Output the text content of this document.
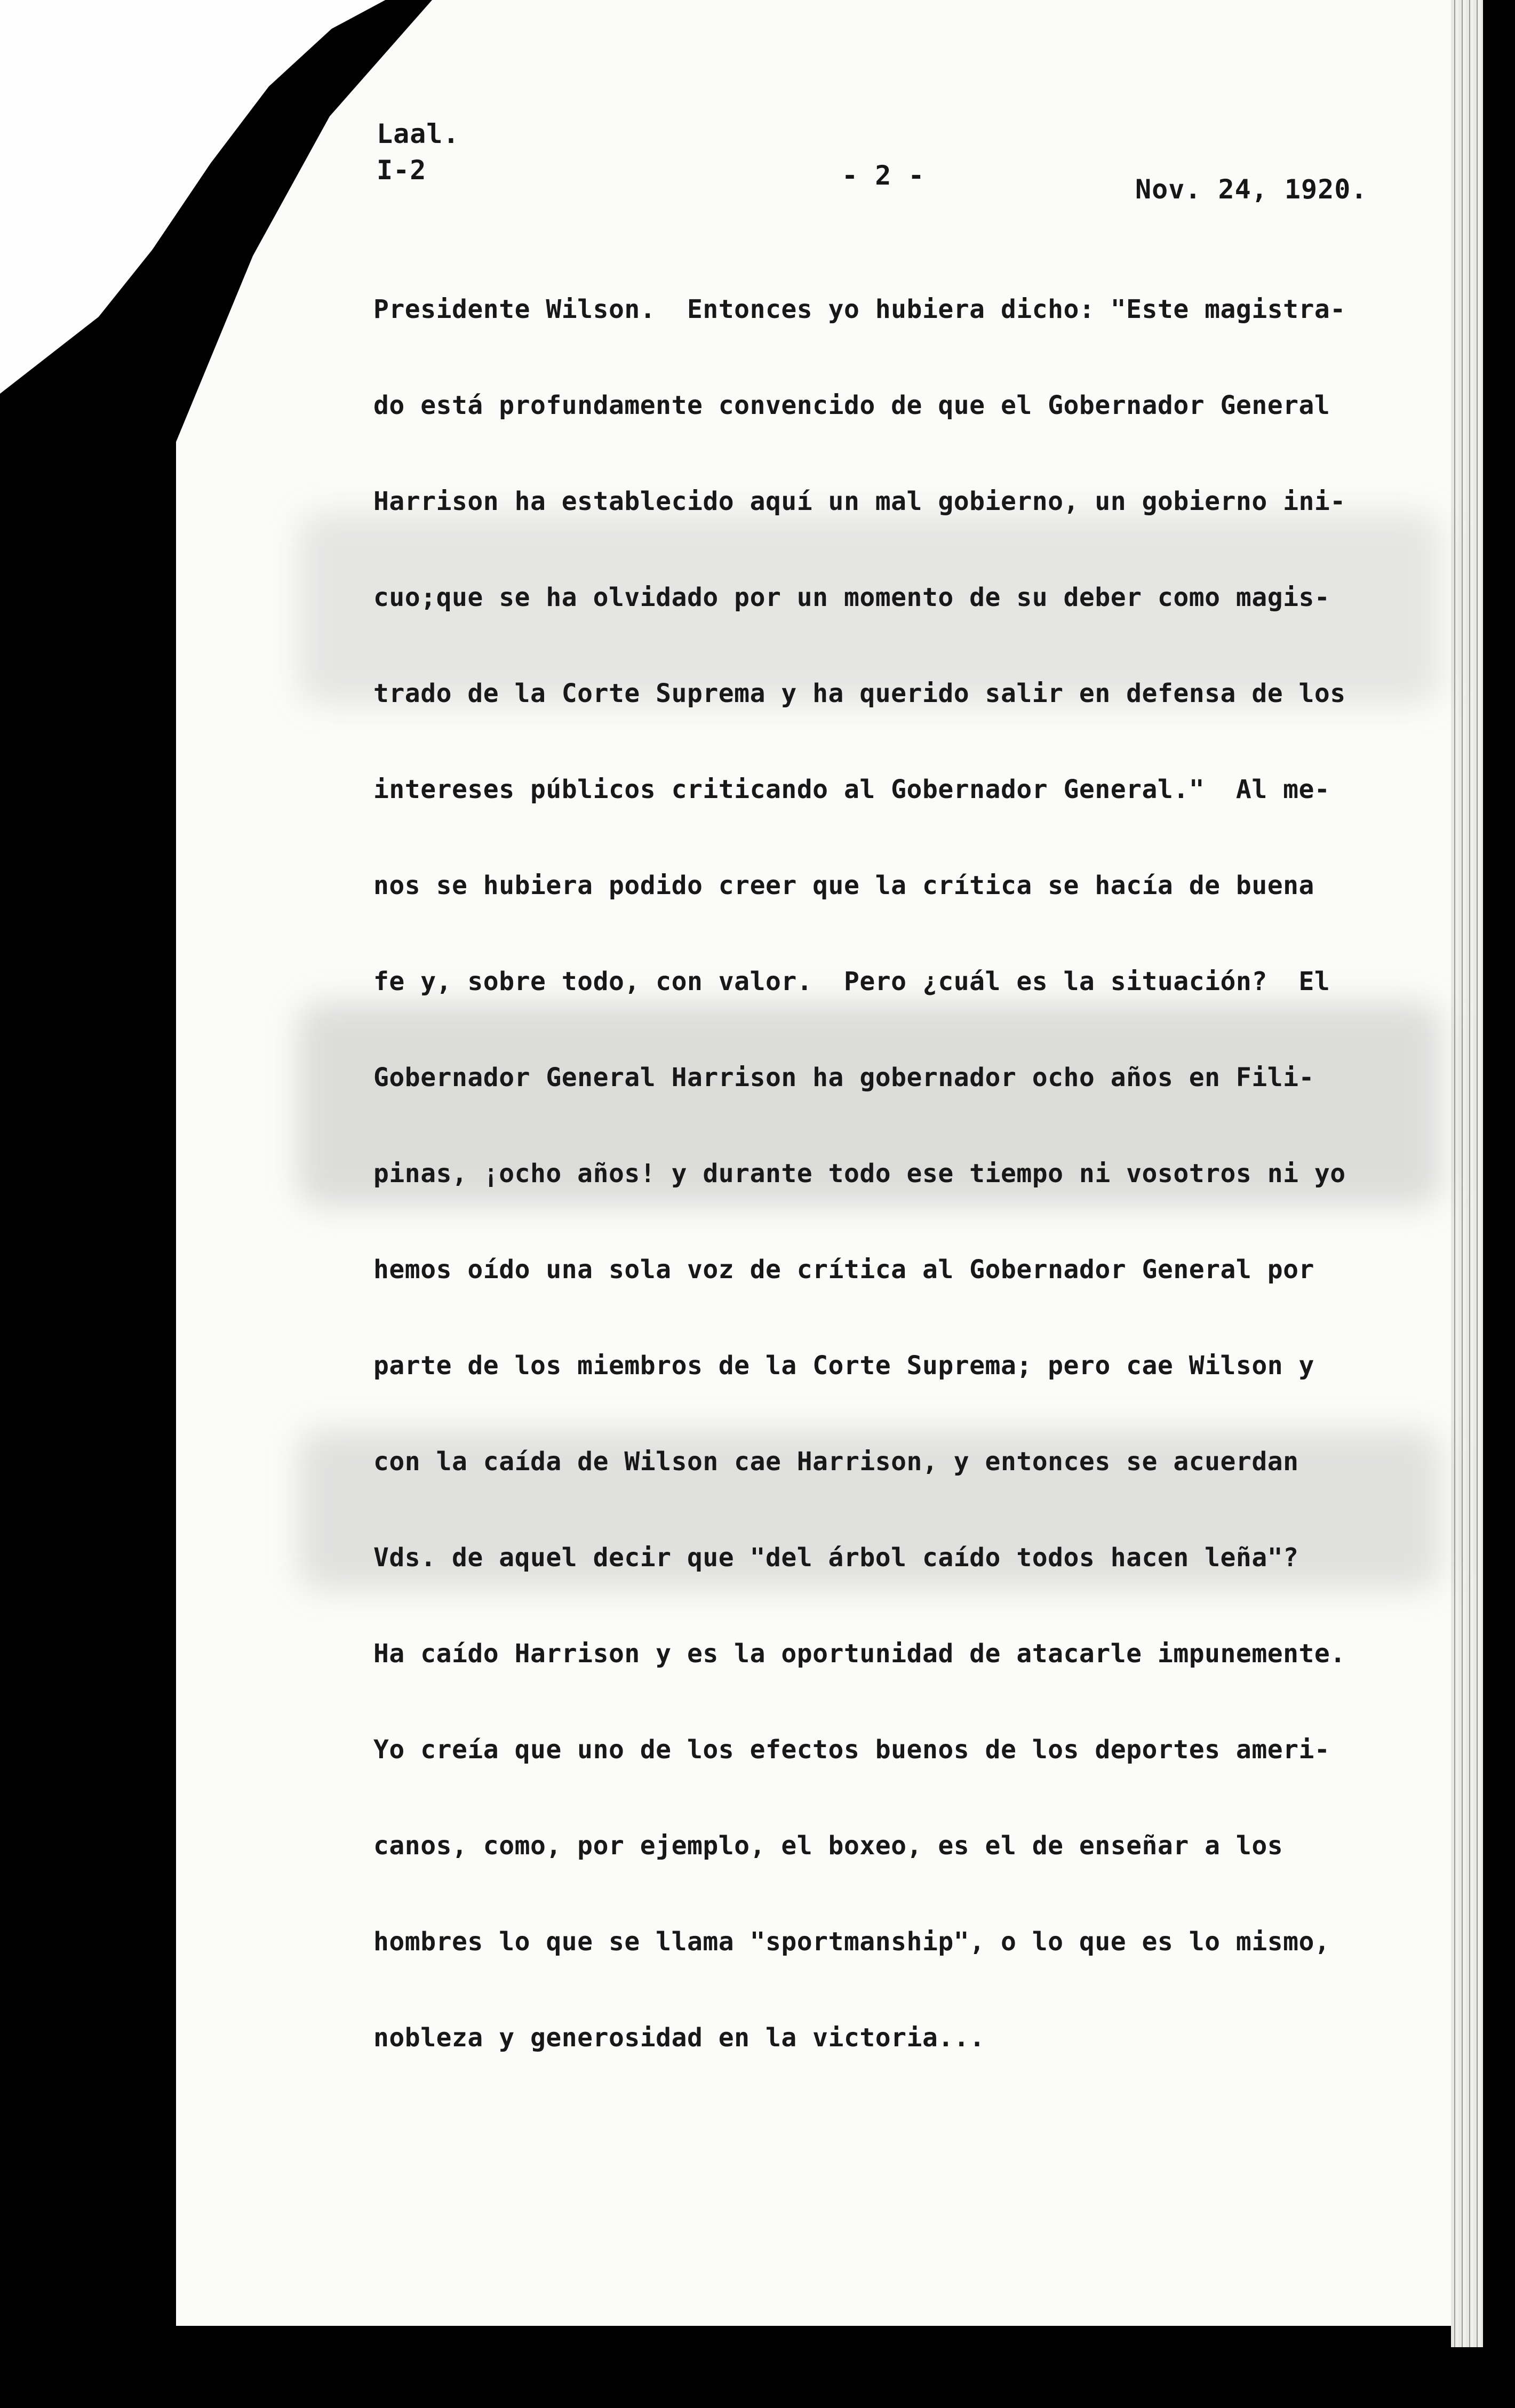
Laal.
I-2	- 2 -	Nov. 24, 1920.
Presidente Wilson.  Entonces yo hubiera dicho: "Este magistra-
do está profundamente convencido de que el Gobernador General
Harrison ha establecido aquí un mal gobierno, un gobierno ini-
cuo;que se ha olvidado por un momento de su deber como magis-
trado de la Corte Suprema y ha querido salir en defensa de los
intereses públicos criticando al Gobernador General."  Al me-
nos se hubiera podido creer que la crítica se hacía de buena
fe y, sobre todo, con valor.  Pero ¿cuál es la situación?  El
Gobernador General Harrison ha gobernador ocho años en Fili-
pinas, ¡ocho años! y durante todo ese tiempo ni vosotros ni yo
hemos oído una sola voz de crítica al Gobernador General por
parte de los miembros de la Corte Suprema; pero cae Wilson y
con la caída de Wilson cae Harrison, y entonces se acuerdan
Vds. de aquel decir que "del árbol caído todos hacen leña"?
Ha caído Harrison y es la oportunidad de atacarle impunemente.
Yo creía que uno de los efectos buenos de los deportes ameri-
canos, como, por ejemplo, el boxeo, es el de enseñar a los
hombres lo que se llama "sportmanship", o lo que es lo mismo,
nobleza y generosidad en la victoria...
